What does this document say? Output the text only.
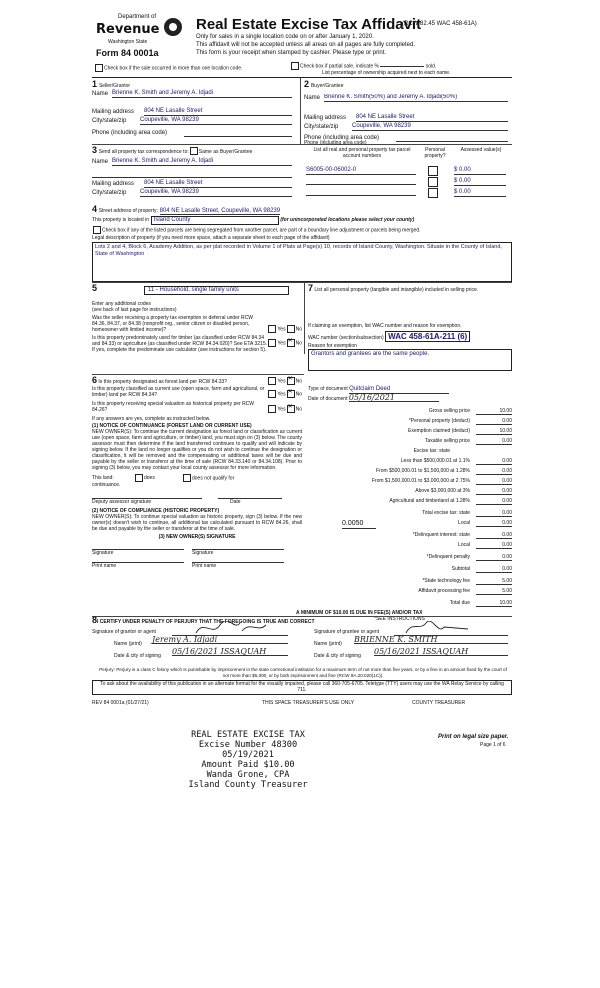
Department of
Revenue
Washington State
Form 84 0001a
Real Estate Excise Tax Affidavit
(RCW 82.45 WAC 458-61A)
Only for sales in a single location code on or after January 1, 2020.
This affidavit will not be accepted unless all areas on all pages are fully completed.
This form is your receipt when stamped by cashier. Please type or print.
Check box if the sale occurred in more than one location code.	Check box if partial sale, indicate %	sold.
List percentage of ownership acquired next to each name.
1 Seller/Grantor
Name Brienne K. Smith and Jeremy A. Idjadi
Mailing address 804 NE Lasalle Street
City/state/zip Coupeville, WA 98239
Phone (including area code)
2 Buyer/Grantee
Name Brienne K. Smith(50%) and Jeremy A. Idjadi(50%)
Mailing address 804 NE Lasalle Street
City/state/zip Coupeville, WA 98239
Phone (including area code)
3 Send all property tax correspondence to: Same as Buyer/Grantee
Name Brienne K. Smith and Jeremy A. Idjadi
Mailing address 804 NE Lasalle Street
City/state/zip Coupeville, WA 98239
Phone (including area code)
List all real and personal property tax parcel account numbers
Personal property?
Assessed value(s)
S6005-00-06002-0	$ 0.00
$ 0.00
$ 0.00
4 Street address of property: 804 NE Lasalle Street, Coupeville, WA 98239
This property is located in Island County	(for unincorporated locations please select your county)
Check box if any of the listed parcels are being segregated from another parcel, are part of a boundary line adjustment or parcels being merged.
Legal description of property (if you need more space, attach a separate sheet to each page of the affidavit)
Lots 2 and 4, Block 6, Academy Addition, as per plat recorded in Volume 1 of Plats at Page(s) 10, records of Island County, Washington. Situate in the County of Island, State of Washington
5	11 - Household, single family units
Enter any additional codes
(see back of last page for instructions)
Was the seller receiving a property tax exemption or deferral under RCW 84.36, 84.37, or 84.38 (nonprofit org., senior citizen or disabled person, homeowner with limited income)?	Yes No
Is this property predominately used for timber (as classified under RCW 84.34 and 84.33) or agriculture (as classified under RCW 84.34.020)? See ETA 3215.	Yes ✕ No
If yes, complete the predominate use calculator (see instructions for section 5).
7 List all personal property (tangible and intangible) included in selling price.
If claiming an exemption, list WAC number and reason for exemption.
WAC number (section/subsection) WAC 458-61A-211 (6)
Reason for exemption
Grantors and grantees are the same people.
6 Is this property designated as forest land per RCW 84.33?	Yes ✕ No
Is this property classified as current use (open space, farm and agricultural, or timber) land per RCW 84.34?	Yes ✕ No
Is this property receiving special valuation as historical property per RCW 84.26?	Yes ✕ No
If any answers are yes, complete as instructed below.
(1) NOTICE OF CONTINUANCE (FOREST LAND OR CURRENT USE)
NEW OWNER(S): To continue the current designation as forest land or classification as current use (open space, farm and agriculture, or timber) land, you must sign on (3) below. The county assessor must then determine if the land transferred continues to qualify and will indicate by signing below. If the land no longer qualifies or you do not wish to continue the designation or classification, it will be removed and the compensating or additional taxes will be due and payable by the seller or transferor at the time of sale (RCW 84.33.140 or 84.34.108). Prior to signing (3) below, you may contact your local county assessor for more information.
This land:	does	does not qualify for
continuance.
Deputy assessor signature	Date
(2) NOTICE OF COMPLIANCE (HISTORIC PROPERTY)
NEW OWNER(S): To continue special valuation as historic property, sign (3) below. If the new owner(s) doesn't wish to continue, all additional tax calculated pursuant to RCW 84.26, shall be due and payable by the seller or transferor at the time of sale.
(3) NEW OWNER(S) SIGNATURE
Signature	Signature
Print name	Print name
Type of document Quitclaim Deed
Date of document 05/16/2021
Gross selling price	10.00
*Personal property (deduct)	0.00
Exemption claimed (deduct)	10.00
Taxable selling price	0.00
Excise tax: state
Less than $500,000.01 at 1.1%	0.00
From $500,000.01 to $1,500,000 at 1.28%	0.00
From $1,500,000.01 to $3,000,000 at 2.75%	0.00
Above $3,000,000 at 3%	0.00
Agricultural and timberland at 1.28%	0.00
Total excise tax: state	0.00
0.0050	Local	0.00
*Delinquent interest: state	0.00
Local	0.00
*Delinquent penalty	0.00
Subtotal	0.00
*State technology fee	5.00
Affidavit processing fee	5.00
Total due	10.00
A MINIMUM OF $10.00 IS DUE IN FEE(S) AND/OR TAX
*SEE INSTRUCTIONS
8I CERTIFY UNDER PENALTY OF PERJURY THAT THE FOREGOING IS TRUE AND CORRECT
Signature of grantor or agent	Signature of grantee or agent
Name (print) Jeremy A. Idjadi	Name (print) BRIENNE K. SMITH
Date & city of signing 05/16/2021 ISSAQUAH	Date & city of signing 05/16/2021 ISSAQUAH
Perjury: Perjury is a class C felony which is punishable by imprisonment in the state correctional institution for a maximum term of not more than five years, or by a fine in an amount fixed by the court of not more than $5,000, or by both imprisonment and fine (RCW 9A.20.020(1C)).
To ask about the availability of this publication in an alternate format for the visually impaired, please call 360-705-6705. Teletype (TTY) users may use the WA Relay Service by calling 711.
REV 84 0001a (01/27/21)	THIS SPACE TREASURER'S USE ONLY	COUNTY TREASURER
REAL ESTATE EXCISE TAX
Excise Number 48300
05/19/2021
Amount Paid $10.00
Wanda Grone, CPA
Island County Treasurer
Print on legal size paper.
Page 1 of 6
